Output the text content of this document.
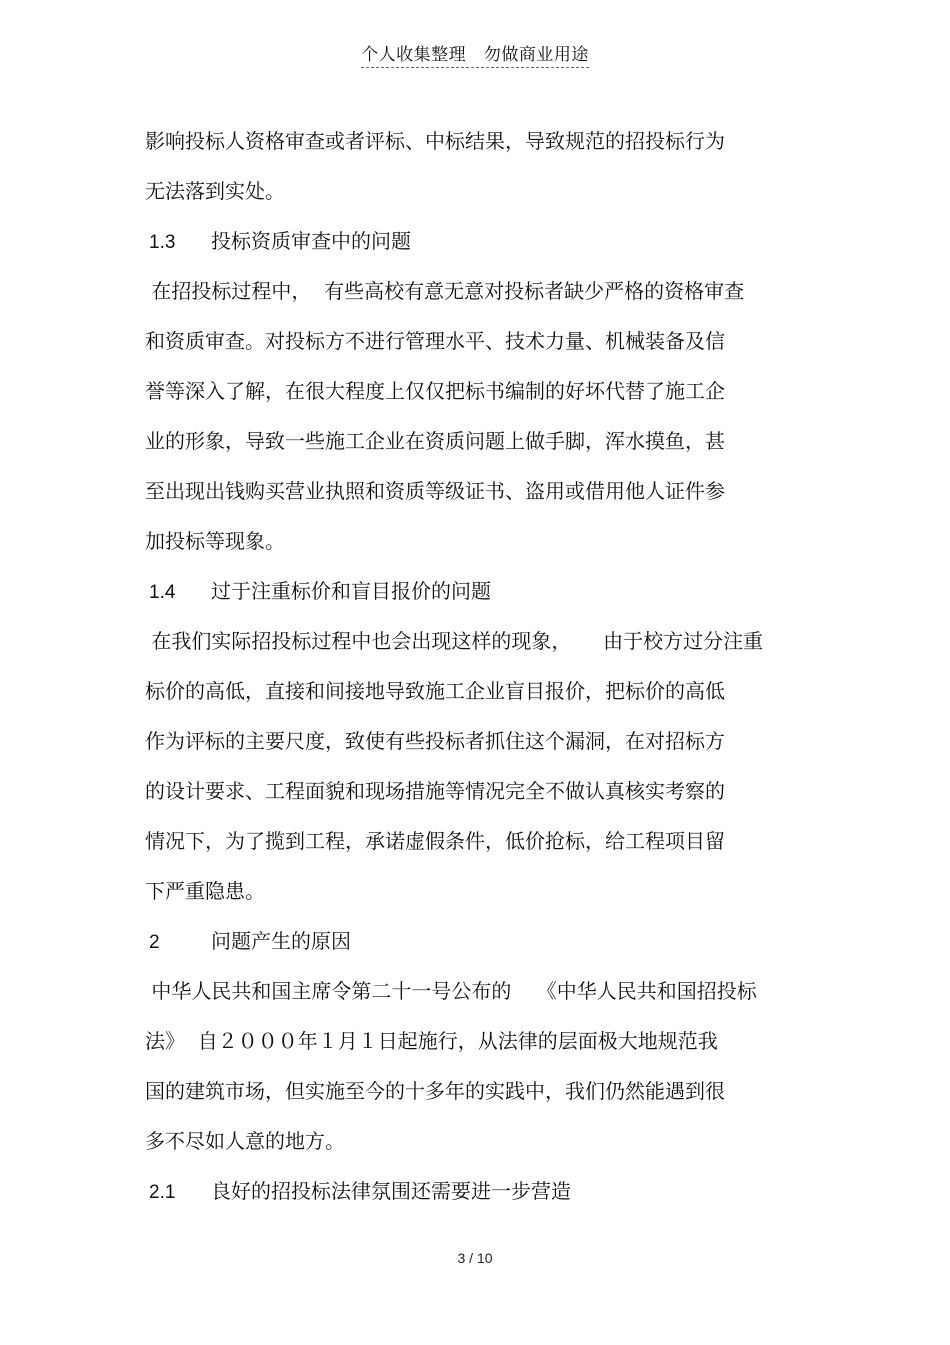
个人收集整理   勿做商业用途
影响投标人资格审查或者评标、中标结果，导致规范的招投标行为
无法落到实处。
1.3 投标资质审查中的问题
在招投标过程中，  有些高校有意无意对投标者缺少严格的资格审查
和资质审查。对投标方不进行管理水平、技术力量、机械装备及信
誉等深入了解，在很大程度上仅仅把标书编制的好坏代替了施工企
业的形象，导致一些施工企业在资质问题上做手脚，浑水摸鱼，甚
至出现出钱购买营业执照和资质等级证书、盗用或借用他人证件参
加投标等现象。
1.4 过于注重标价和盲目报价的问题
在我们实际招投标过程中也会出现这样的现象，     由于校方过分注重
标价的高低，直接和间接地导致施工企业盲目报价，把标价的高低
作为评标的主要尺度，致使有些投标者抓住这个漏洞，在对招标方
的设计要求、工程面貌和现场措施等情况完全不做认真核实考察的
情况下，为了揽到工程，承诺虚假条件，低价抢标，给工程项目留
下严重隐患。
2	问题产生的原因
中华人民共和国主席令第二十一号公布的    《中华人民共和国招投标
法》  自２０００年１月１日起施行，从法律的层面极大地规范我
国的建筑市场，但实施至今的十多年的实践中，我们仍然能遇到很
多不尽如人意的地方。
2.1 良好的招投标法律氛围还需要进一步营造
3 / 10
